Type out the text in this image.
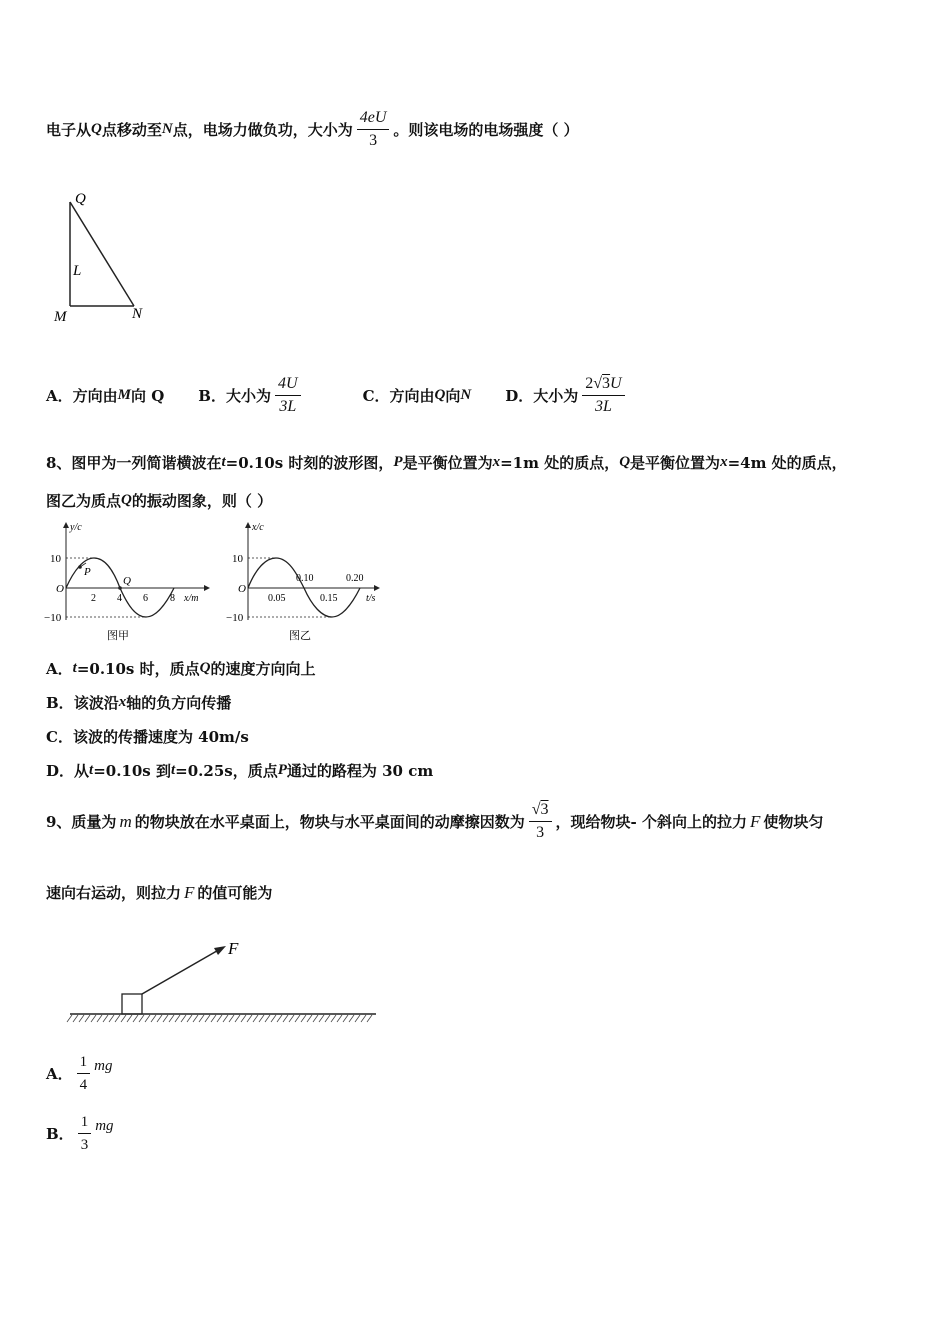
电子从 Q 点移动至 N 点，电场力做负功，大小为 $\frac{4eU}{3}$ 。则该电场的电场强度（ ）
Q
L
M	N
A． 方向由 M 向 Q B． 大小为 $\frac{4U}{3L}$	C． 方向由 Q 向 N D． 大小为 $\frac{2√3U}{3L}$
8、图甲为一列简谐横波在 t =0.10s 时刻的波形图， P 是平衡位置为 x =1m 处的质点， Q 是平衡位置为 x =4m 处的质点，
图乙为质点 Q 的振动图象，则（ ）
y/c
10
−10
O
P
Q
2 4 6 8 x/m
图甲
x/c
10
−10
O
0.10	0.20
0.05	0.15	t/s
图乙
A． t =0.10s 时，质点 Q 的速度方向向上
B． 该波沿 x 轴的负方向传播
C． 该波的传播速度为 40m/s
D． 从 t =0.10s 到 t =0.25s，质点 P 通过的路程为 30 cm
9、质量为 m 的物块放在水平桌面上，物块与水平桌面间的动摩擦因数为 $\frac{√3}{3}$ ，现给物块- 个斜向上的拉力 F 使物块匀
速向右运动，则拉力 F 的值可能为
F
A． $\frac{1}{4}$ mg
B． $\frac{1}{3}$ mg
